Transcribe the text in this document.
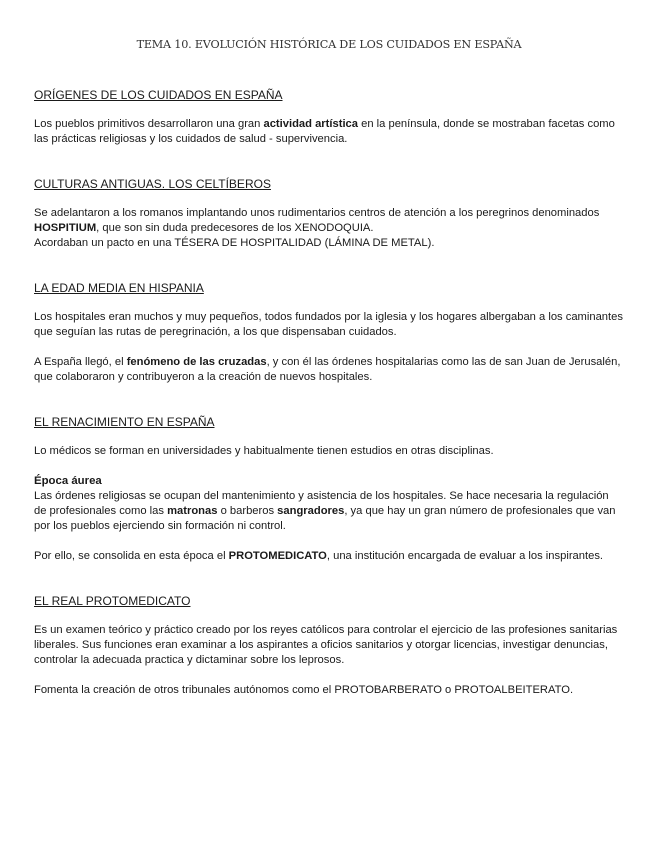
TEMA 10. EVOLUCIÓN HISTÓRICA DE LOS CUIDADOS EN ESPAÑA
ORÍGENES DE LOS CUIDADOS EN ESPAÑA

Los pueblos primitivos desarrollaron una gran actividad artística en la península, donde se mostraban facetas como las prácticas religiosas y los cuidados de salud - supervivencia.

CULTURAS ANTIGUAS. LOS CELTÍBEROS

Se adelantaron a los romanos implantando unos rudimentarios centros de atención a los peregrinos denominados HOSPITIUM, que son sin duda predecesores de los XENODOQUIA.
Acordaban un pacto en una TÉSERA DE HOSPITALIDAD (LÁMINA DE METAL).

LA EDAD MEDIA EN HISPANIA

Los hospitales eran muchos y muy pequeños, todos fundados por la iglesia y los hogares albergaban a los caminantes que seguían las rutas de peregrinación, a los que dispensaban cuidados.

A España llegó, el fenómeno de las cruzadas, y con él las órdenes hospitalarias como las de san Juan de Jerusalén, que colaboraron y contribuyeron a la creación de nuevos hospitales.

EL RENACIMIENTO EN ESPAÑA

Lo médicos se forman en universidades y habitualmente tienen estudios en otras disciplinas.

Época áurea

Las órdenes religiosas se ocupan del mantenimiento y asistencia de los hospitales. Se hace necesaria la regulación de profesionales como las matronas o barberos sangradores, ya que hay un gran número de profesionales que van por los pueblos ejerciendo sin formación ni control.

Por ello, se consolida en esta época el PROTOMEDICATO, una institución encargada de evaluar a los inspirantes.

EL REAL PROTOMEDICATO

Es un examen teórico y práctico creado por los reyes católicos para controlar el ejercicio de las profesiones sanitarias liberales. Sus funciones eran examinar a los aspirantes a oficios sanitarios y otorgar licencias, investigar denuncias, controlar la adecuada practica y dictaminar sobre los leprosos.

Fomenta la creación de otros tribunales autónomos como el PROTOBARBERATO o PROTOALBEITERATO.
